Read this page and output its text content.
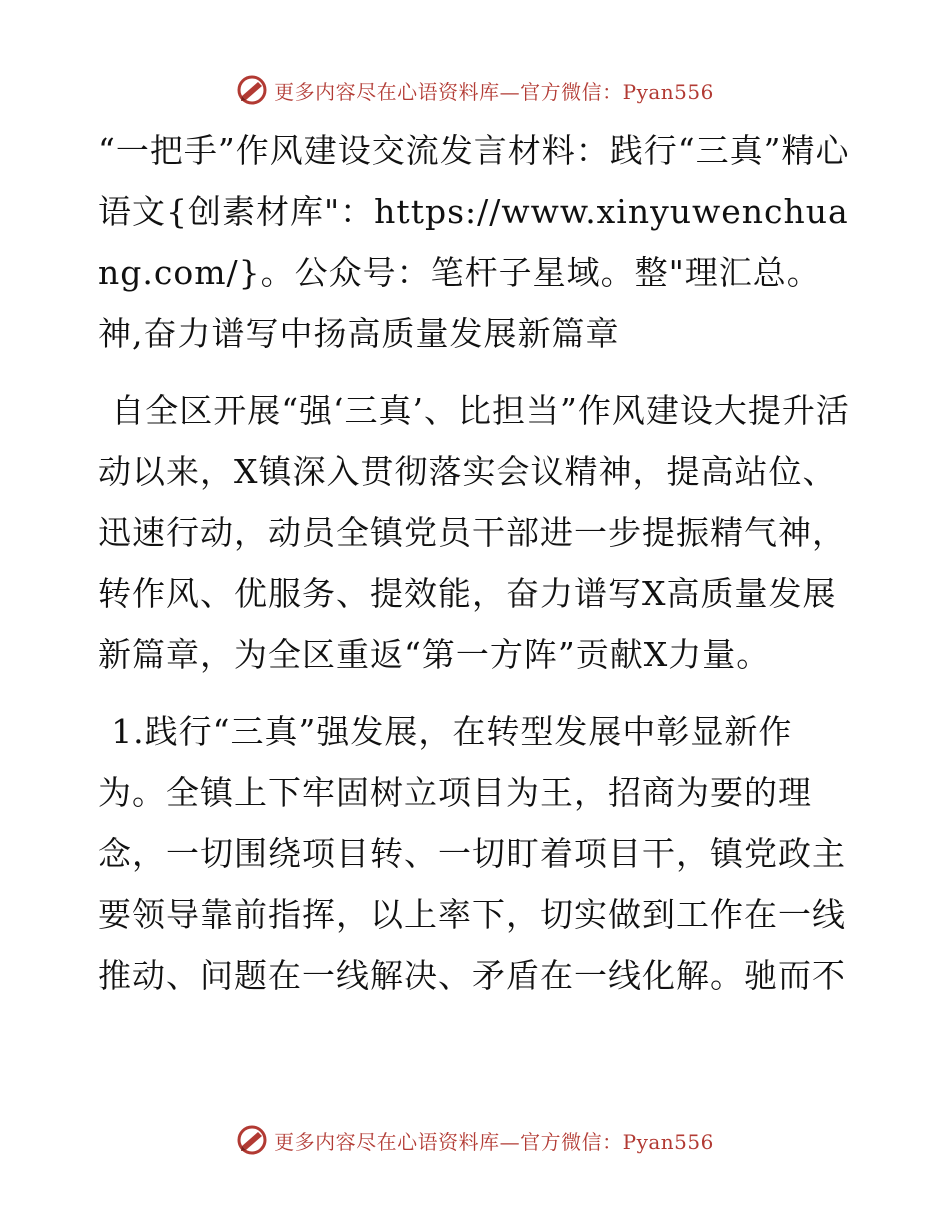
更多内容尽在心语资料库—官方微信：Pyan556

“一把手”作风建设交流发言材料：践行“三真”精心语文{创素材库"：https://www.xinyuwenchuang.com/}。公众号：笔杆子星域。整"理汇总。神,奋力谱写中扬高质量发展新篇章

自全区开展“强‘三真’、比担当”作风建设大提升活动以来，X镇深入贯彻落实会议精神，提高站位、迅速行动，动员全镇党员干部进一步提振精气神，转作风、优服务、提效能，奋力谱写X高质量发展新篇章，为全区重返“第一方阵”贡献X力量。

1.践行“三真”强发展，在转型发展中彰显新作为。全镇上下牢固树立项目为王，招商为要的理念，一切围绕项目转、一切盯着项目干，镇党政主要领导靠前指挥，以上率下，切实做到工作在一线推动、问题在一线解决、矛盾在一线化解。驰而不

更多内容尽在心语资料库—官方微信：Pyan556
